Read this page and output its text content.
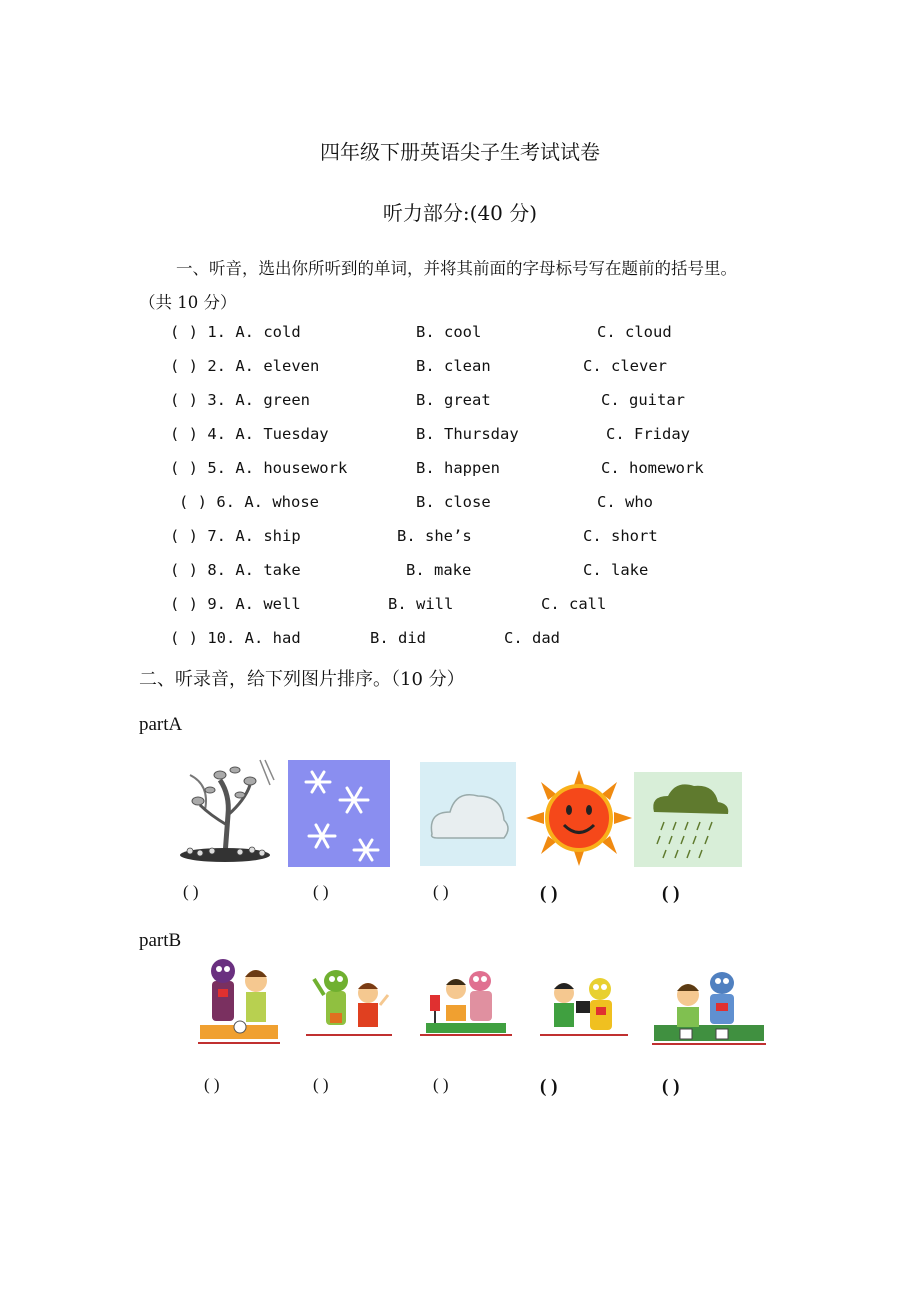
四年级下册英语尖子生考试试卷
听力部分:(40 分)
一、听音，选出你所听到的单词，并将其前面的字母标号写在题前的括号里。
（共 10 分）
( ) 1. A. cold	B. cool	C. cloud
( ) 2. A. eleven	B. clean	C. clever
( ) 3. A. green	B. great	C. guitar
( ) 4. A. Tuesday	B. Thursday	C. Friday
( ) 5. A. housework	B. happen	C. homework
( ) 6. A. whose	B. close	C. who
( ) 7. A. ship	B. she’s	C. short
( ) 8. A. take	B. make	C. lake
( ) 9. A. well	B. will	C. call
( ) 10. A. had	B. did	C. dad
二、听录音，给下列图片排序。（10 分）
partA
( )	( )	( )	( )	( )
partB
( )	( )	( )	( )	( )
